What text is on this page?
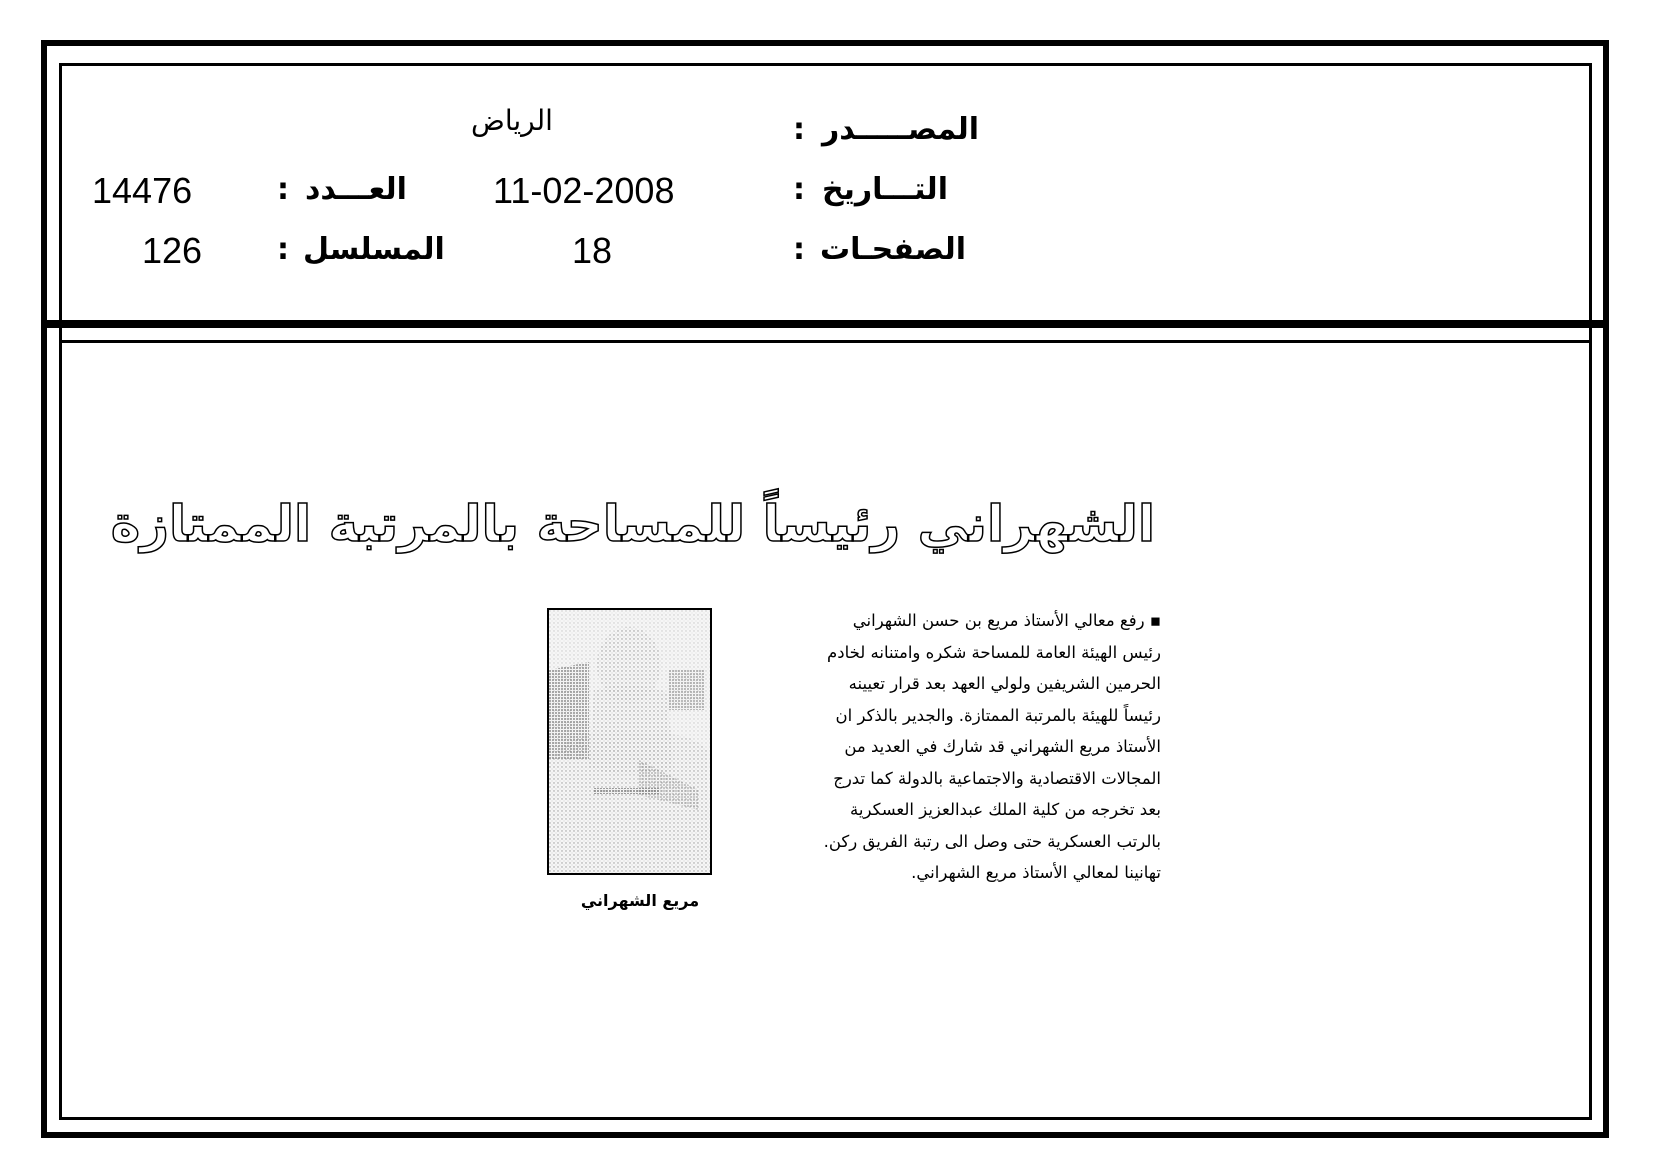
المصـــــدر
:
الرياض
التـــاريخ
:
11-02-2008
العـــدد
:
14476
الصفحـات
:
18
المسلسل
:
126
الشهراني رئيساً للمساحة بالمرتبة الممتازة
▪ رفع معالي الأستاذ مريع بن حسن الشهراني
رئيس الهيئة العامة للمساحة شكره وامتنانه لخادم
الحرمين الشريفين ولولي العهد بعد قرار تعيينه
رئيساً للهيئة بالمرتبة الممتازة. والجدير بالذكر ان
الأستاذ مريع الشهراني قد شارك في العديد من
المجالات الاقتصادية والاجتماعية بالدولة كما تدرج
بعد تخرجه من كلية الملك عبدالعزيز العسكرية
بالرتب العسكرية حتى وصل الى رتبة الفريق ركن.
تهانينا لمعالي الأستاذ مريع الشهراني.
مريع الشهراني
